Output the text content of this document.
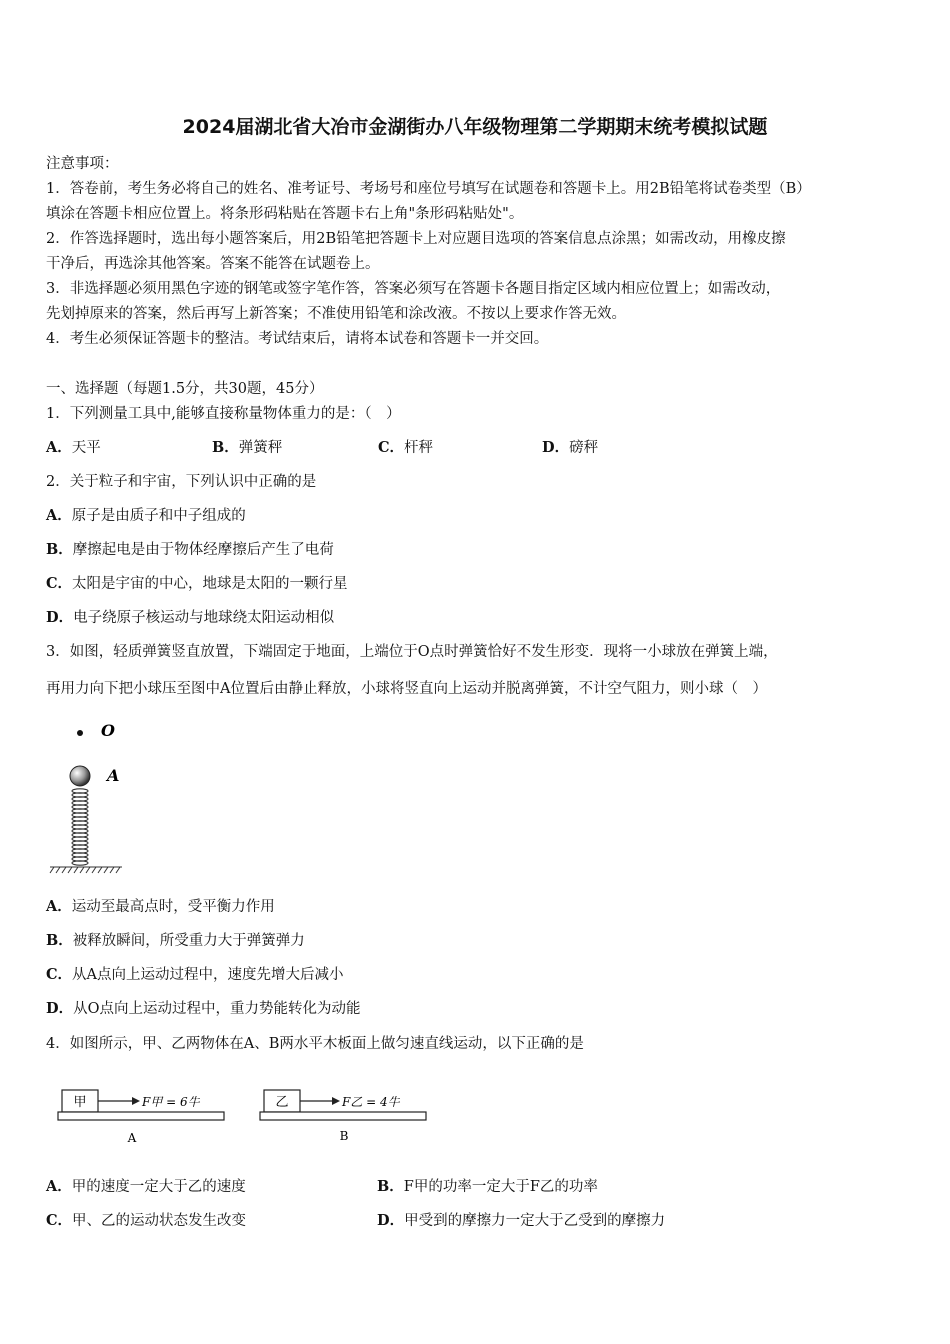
2024届湖北省大冶市金湖街办八年级物理第二学期期末统考模拟试题
注意事项：
1．答卷前，考生务必将自己的姓名、准考证号、考场号和座位号填写在试题卷和答题卡上。用2B铅笔将试卷类型（B）
填涂在答题卡相应位置上。将条形码粘贴在答题卡右上角"条形码粘贴处"。
2．作答选择题时，选出每小题答案后，用2B铅笔把答题卡上对应题目选项的答案信息点涂黑；如需改动，用橡皮擦
干净后，再选涂其他答案。答案不能答在试题卷上。
3．非选择题必须用黑色字迹的钢笔或签字笔作答，答案必须写在答题卡各题目指定区域内相应位置上；如需改动，
先划掉原来的答案，然后再写上新答案；不准使用铅笔和涂改液。不按以上要求作答无效。
4．考生必须保证答题卡的整洁。考试结束后，请将本试卷和答题卡一并交回。
一、选择题（每题1.5分，共30题，45分）
1．下列测量工具中,能够直接称量物体重力的是：（　）
A．天平	B．弹簧秤	C．杆秤	D．磅秤
2．关于粒子和宇宙，下列认识中正确的是
A．原子是由质子和中子组成的
B．摩擦起电是由于物体经摩擦后产生了电荷
C．太阳是宇宙的中心，地球是太阳的一颗行星
D．电子绕原子核运动与地球绕太阳运动相似
3．如图，轻质弹簧竖直放置，下端固定于地面，上端位于O点时弹簧恰好不发生形变．现将一小球放在弹簧上端，
再用力向下把小球压至图中A位置后由静止释放，小球将竖直向上运动并脱离弹簧，不计空气阻力，则小球（　）
O
A
A．运动至最高点时，受平衡力作用
B．被释放瞬间，所受重力大于弹簧弹力
C．从A点向上运动过程中，速度先增大后减小
D．从O点向上运动过程中，重力势能转化为动能
4．如图所示，甲、乙两物体在A、B两水平木板面上做匀速直线运动，以下正确的是
甲	F甲 = 6牛
A
乙	F乙 = 4牛
B
A．甲的速度一定大于乙的速度	B．F甲的功率一定大于F乙的功率
C．甲、乙的运动状态发生改变	D．甲受到的摩擦力一定大于乙受到的摩擦力
